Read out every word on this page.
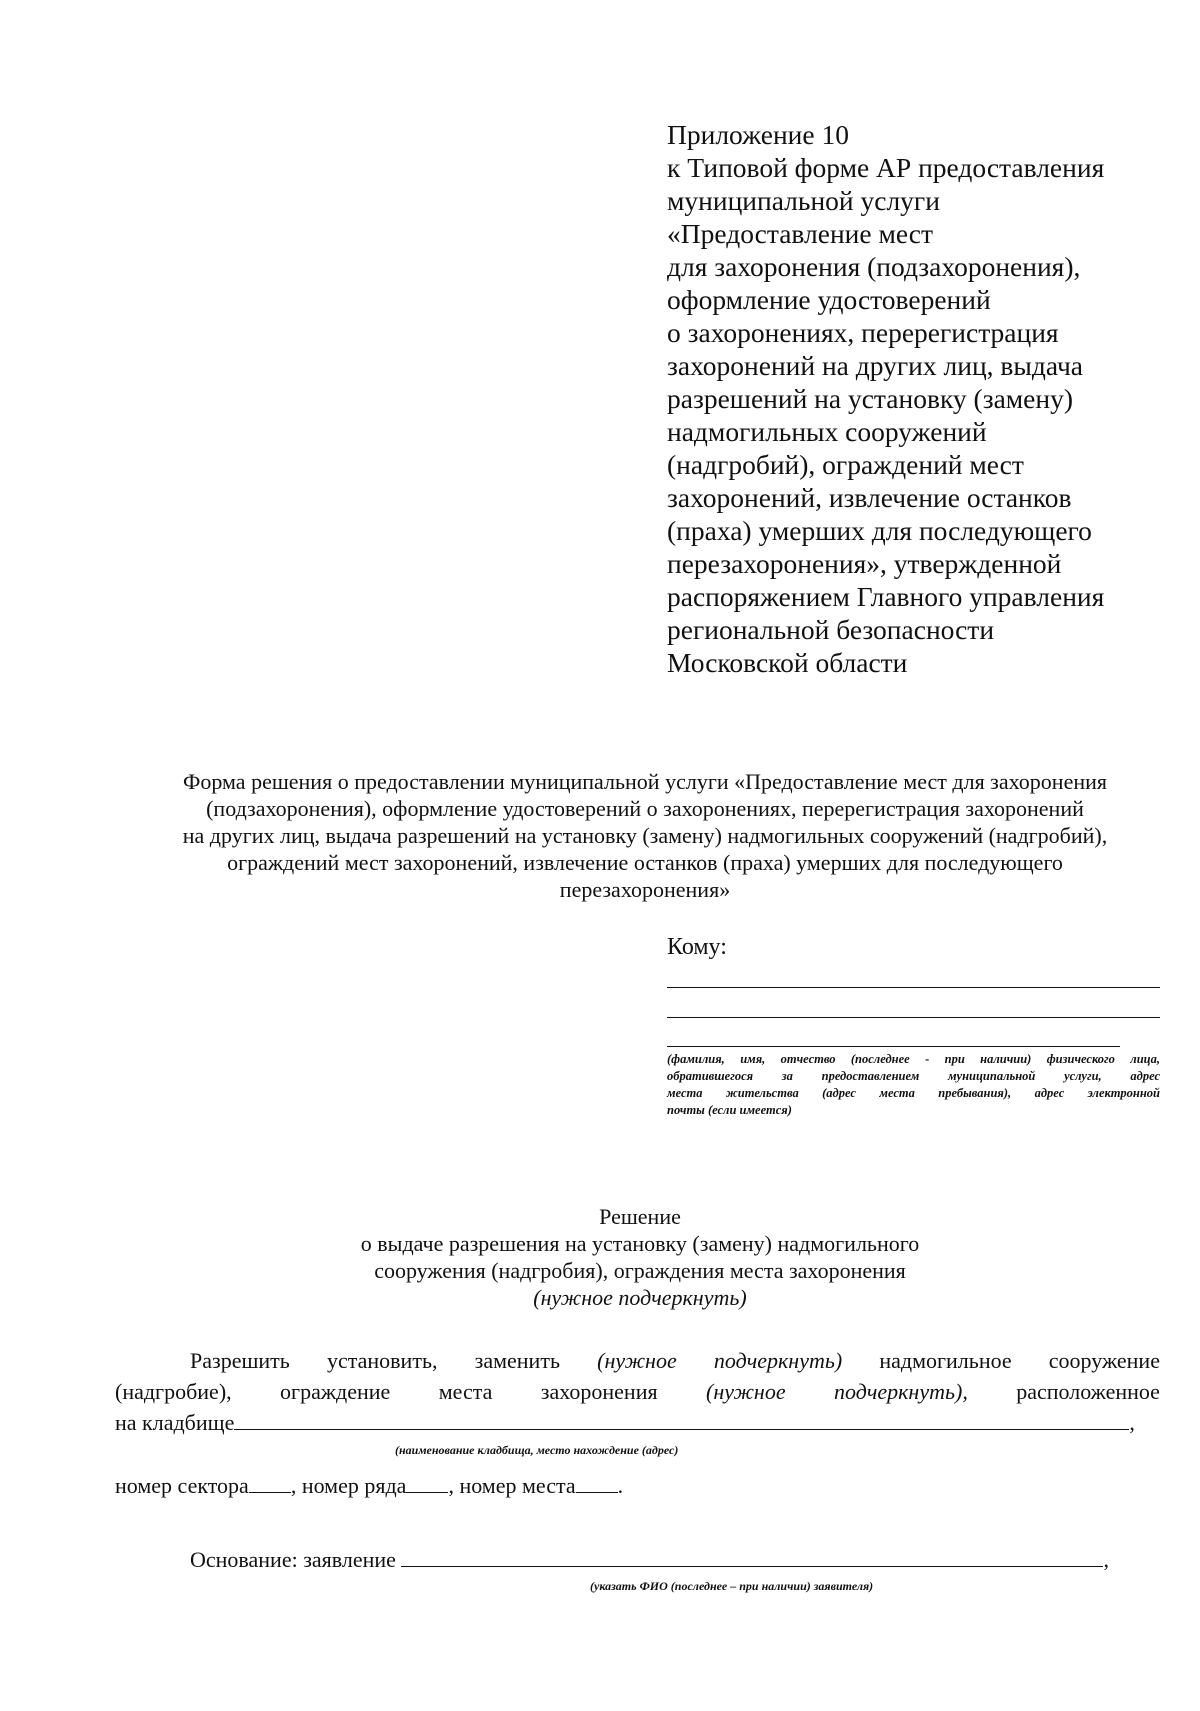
Приложение 10
к Типовой форме АР предоставления
муниципальной услуги
«Предоставление мест
для захоронения (подзахоронения),
оформление удостоверений
о захоронениях, перерегистрация
захоронений на других лиц, выдача
разрешений на установку (замену)
надмогильных сооружений
(надгробий), ограждений мест
захоронений, извлечение останков
(праха) умерших для последующего
перезахоронения», утвержденной
распоряжением Главного управления
региональной безопасности
Московской области
Форма решения о предоставлении муниципальной услуги «Предоставление мест для захоронения
(подзахоронения), оформление удостоверений о захоронениях, перерегистрация захоронений
на других лиц, выдача разрешений на установку (замену) надмогильных сооружений (надгробий),
ограждений мест захоронений, извлечение останков (праха) умерших для последующего
перезахоронения»
Кому:
(фамилия, имя, отчество (последнее - при наличии) физического лица,
обратившегося за предоставлением муниципальной услуги, адрес
места жительства (адрес места пребывания), адрес электронной
почты (если имеется)
Решение
о выдаче разрешения на установку (замену) надмогильного
сооружения (надгробия), ограждения места захоронения
(нужное подчеркнуть)
Разрешить установить, заменить (нужное подчеркнуть) надмогильное сооружение
(надгробие), ограждение места захоронения (нужное подчеркнуть), расположенное
на кладбище	,
(наименование кладбища, место нахождение (адрес)
номер сектора , номер ряда , номер места .
Основание: заявление	,
(указать ФИО (последнее – при наличии) заявителя)
